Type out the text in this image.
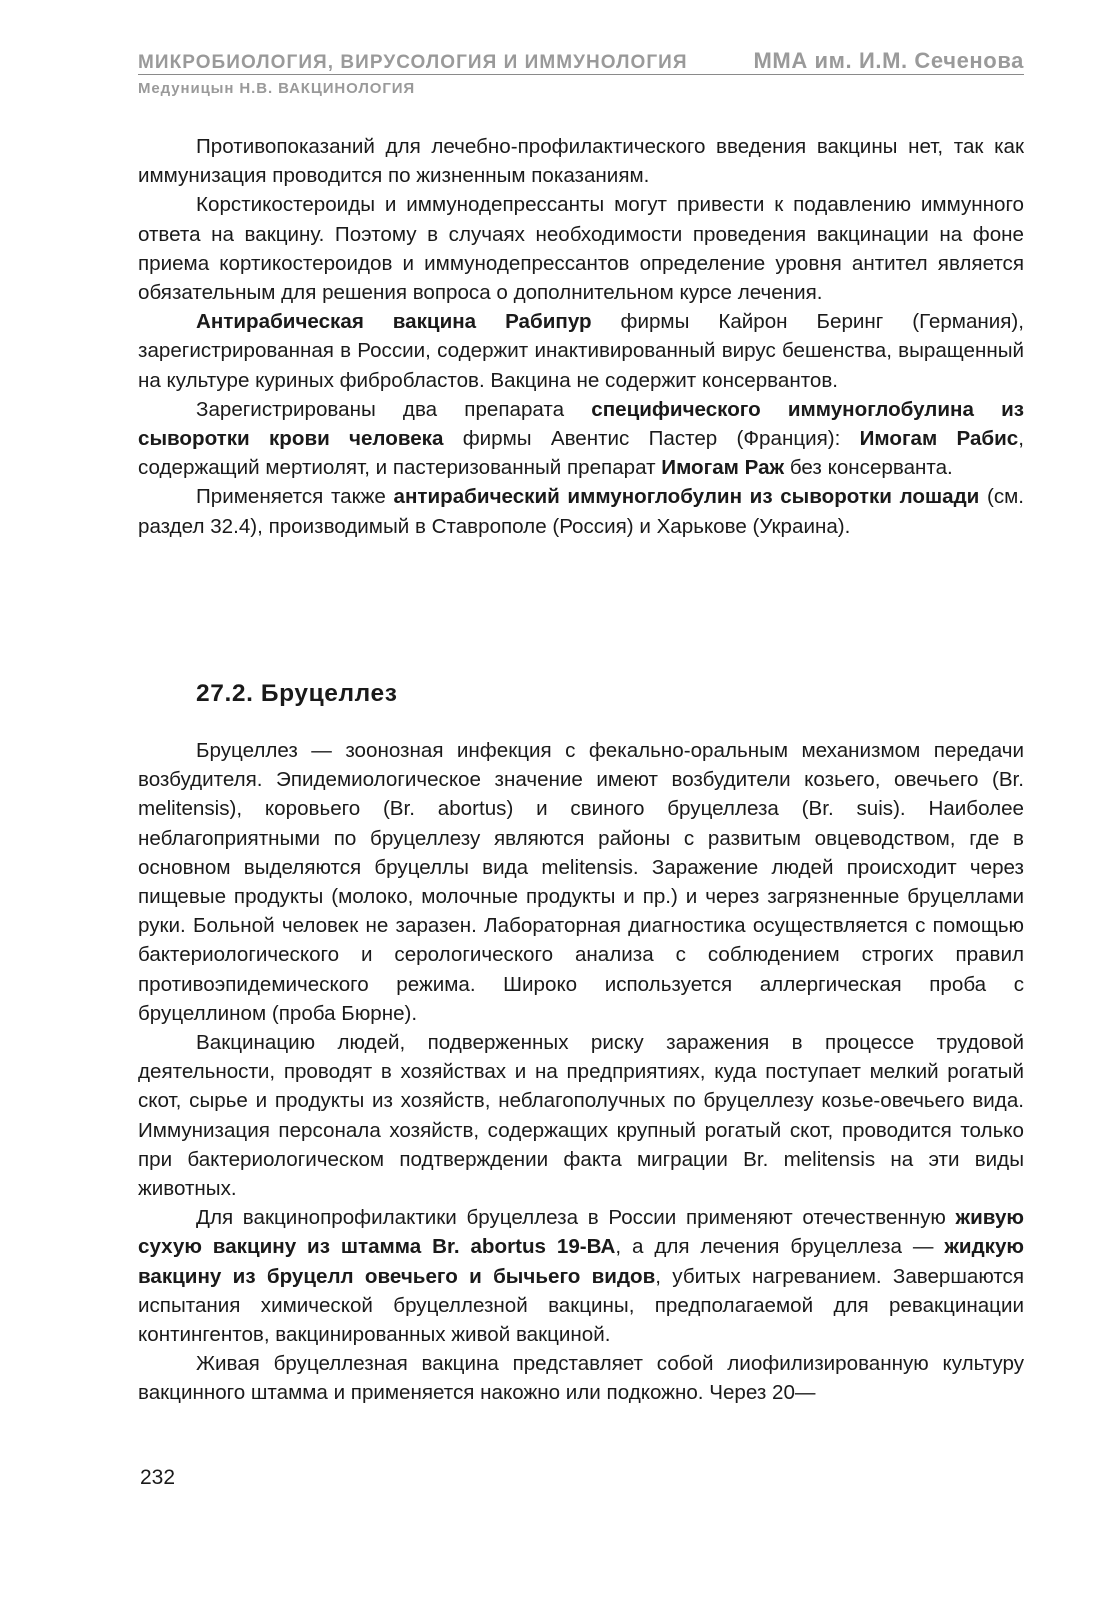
МИКРОБИОЛОГИЯ, ВИРУСОЛОГИЯ И ИММУНОЛОГИЯ	ММА им. И.М. Сеченова
Медуницын Н.В. ВАКЦИНОЛОГИЯ

Противопоказаний для лечебно-профилактического введения вакцины нет, так как иммунизация проводится по жизненным показаниям.

Корстикостероиды и иммунодепрессанты могут привести к подавлению иммунного ответа на вакцину. Поэтому в случаях необходимости проведения вакцинации на фоне приема кортикостероидов и иммунодепрессантов определение уровня антител является обязательным для решения вопроса о дополнительном курсе лечения.

Антирабическая вакцина Рабипур фирмы Кайрон Беринг (Германия), зарегистрированная в России, содержит инактивированный вирус бешенства, выращенный на культуре куриных фибробластов. Вакцина не содержит консервантов.

Зарегистрированы два препарата специфического иммуноглобулина из сыворотки крови человека фирмы Авентис Пастер (Франция): Имогам Рабис, содержащий мертиолят, и пастеризованный препарат Имогам Раж без консерванта.

Применяется также антирабический иммуноглобулин из сыворотки лошади (см. раздел 32.4), производимый в Ставрополе (Россия) и Харькове (Украина).

27.2. Бруцеллез

Бруцеллез — зоонозная инфекция с фекально-оральным механизмом передачи возбудителя. Эпидемиологическое значение имеют возбудители козьего, овечьего (Br. melitensis), коровьего (Br. abortus) и свиного бруцеллеза (Br. suis). Наиболее неблагоприятными по бруцеллезу являются районы с развитым овцеводством, где в основном выделяются бруцеллы вида melitensis. Заражение людей происходит через пищевые продукты (молоко, молочные продукты и пр.) и через загрязненные бруцеллами руки. Больной человек не заразен. Лабораторная диагностика осуществляется с помощью бактериологического и серологического анализа с соблюдением строгих правил противоэпидемического режима. Широко используется аллергическая проба с бруцеллином (проба Бюрне).

Вакцинацию людей, подверженных риску заражения в процессе трудовой деятельности, проводят в хозяйствах и на предприятиях, куда поступает мелкий рогатый скот, сырье и продукты из хозяйств, неблагополучных по бруцеллезу козье-овечьего вида. Иммунизация персонала хозяйств, содержащих крупный рогатый скот, проводится только при бактериологическом подтверждении факта миграции Br. melitensis на эти виды животных.

Для вакцинопрофилактики бруцеллеза в России применяют отечественную живую сухую вакцину из штамма Br. abortus 19-ВА, а для лечения бруцеллеза — жидкую вакцину из бруцелл овечьего и бычьего видов, убитых нагреванием. Завершаются испытания химической бруцеллезной вакцины, предполагаемой для ревакцинации контингентов, вакцинированных живой вакциной.

Живая бруцеллезная вакцина представляет собой лиофилизированную культуру вакцинного штамма и применяется накожно или подкожно. Через 20—

232
